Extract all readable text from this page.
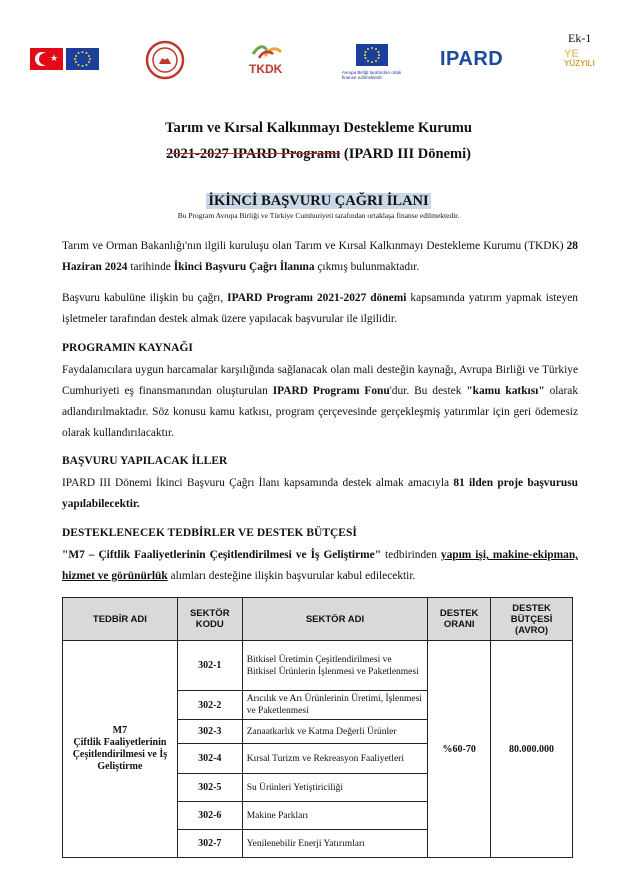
Ek-1
★
TKDK	Avrupa Birliği tarafından ortak finanse edilmektedir
IPARD	YE
YÜZYILI
Tarım ve Kırsal Kalkınmayı Destekleme Kurumu
2021-2027 IPARD Programı (IPARD III Dönemi)
İKİNCİ BAŞVURU ÇAĞRI İLANI
Bu Program Avrupa Birliği ve Türkiye Cumhuriyeti tarafından ortaklaşa finanse edilmektedir.
Tarım ve Orman Bakanlığı'nın ilgili kuruluşu olan Tarım ve Kırsal Kalkınmayı Destekleme Kurumu (TKDK) 28 Haziran 2024 tarihinde İkinci Başvuru Çağrı İlanına çıkmış bulunmaktadır.
Başvuru kabulüne ilişkin bu çağrı, IPARD Programı 2021-2027 dönemi kapsamında yatırım yapmak isteyen işletmeler tarafından destek almak üzere yapılacak başvurular ile ilgilidir.
PROGRAMIN KAYNAĞI
Faydalanıcılara uygun harcamalar karşılığında sağlanacak olan mali desteğin kaynağı, Avrupa Birliği ve Türkiye Cumhuriyeti eş finansmanından oluşturulan IPARD Programı Fonu'dur. Bu destek "kamu katkısı" olarak adlandırılmaktadır. Söz konusu kamu katkısı, program çerçevesinde gerçekleşmiş yatırımlar için geri ödemesiz olarak kullandırılacaktır.
BAŞVURU YAPILACAK İLLER
IPARD III Dönemi İkinci Başvuru Çağrı İlanı kapsamında destek almak amacıyla 81 ilden proje başvurusu yapılabilecektir.
DESTEKLENECEK TEDBİRLER VE DESTEK BÜTÇESİ
"M7 – Çiftlik Faaliyetlerinin Çeşitlendirilmesi ve İş Geliştirme" tedbirinden yapım işi, makine-ekipman, hizmet ve görünürlük alımları desteğine ilişkin başvurular kabul edilecektir.
TEDBİR ADI	SEKTÖR KODU	SEKTÖR ADI	DESTEK ORANI	DESTEK BÜTÇESİ (AVRO)

M7
Çiftlik Faaliyetlerinin Çeşitlendirilmesi ve İş Geliştirme	302-1	Bitkisel Üretimin Çeşitlendirilmesi ve Bitkisel Ürünlerin İşlenmesi ve Paketlenmesi	%60-70	80.000.000
	302-2	Arıcılık ve Arı Ürünlerinin Üretimi, İşlenmesi ve Paketlenmesi		
	302-3	Zanaatkarlık ve Katma Değerli Ürünler		
	302-4	Kırsal Turizm ve Rekreasyon Faaliyetleri		
	302-5	Su Ürünleri Yetiştiriciliği		
	302-6	Makine Parkları		
	302-7	Yenilenebilir Enerji Yatırımları		
